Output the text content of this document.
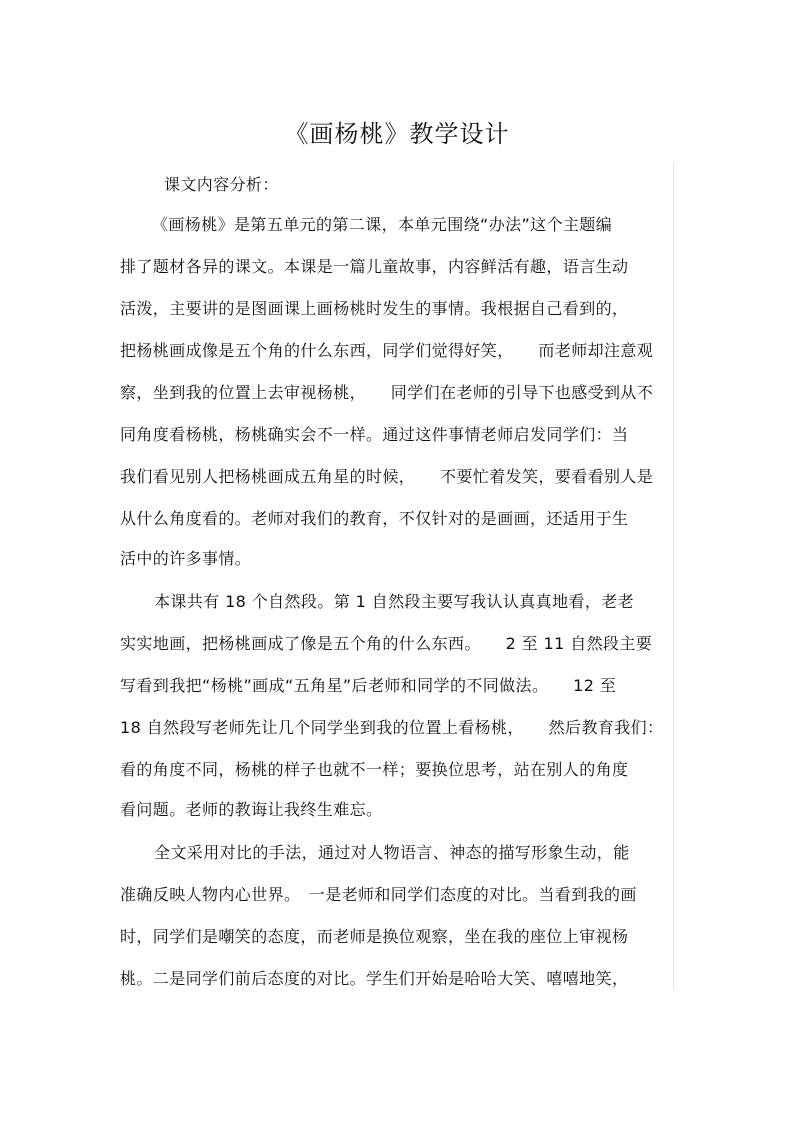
《画杨桃》教学设计
课文内容分析：
《画杨桃》是第五单元的第二课，本单元围绕“办法”这个主题编
排了题材各异的课文。本课是一篇儿童故事，内容鲜活有趣，语言生动
活泼，主要讲的是图画课上画杨桃时发生的事情。我根据自己看到的，
把杨桃画成像是五个角的什么东西，同学们觉得好笑，　　而老师却注意观
察，坐到我的位置上去审视杨桃，　　同学们在老师的引导下也感受到从不
同角度看杨桃，杨桃确实会不一样。通过这件事情老师启发同学们：当
我们看见别人把杨桃画成五角星的时候，　　不要忙着发笑，要看看别人是
从什么角度看的。老师对我们的教育，不仅针对的是画画，还适用于生
活中的许多事情。
本课共有 18 个自然段。第 1 自然段主要写我认认真真地看，老老
实实地画，把杨桃画成了像是五个角的什么东西。　　2 至 11 自然段主要
写看到我把“杨桃”画成“五角星”后老师和同学的不同做法。　　12 至
18 自然段写老师先让几个同学坐到我的位置上看杨桃，　　然后教育我们：
看的角度不同，杨桃的样子也就不一样；要换位思考，站在别人的角度
看问题。老师的教诲让我终生难忘。
全文采用对比的手法，通过对人物语言、神态的描写形象生动，能
准确反映人物内心世界。　一是老师和同学们态度的对比。当看到我的画
时，同学们是嘲笑的态度，而老师是换位观察，坐在我的座位上审视杨
桃。二是同学们前后态度的对比。学生们开始是哈哈大笑、嘻嘻地笑，
